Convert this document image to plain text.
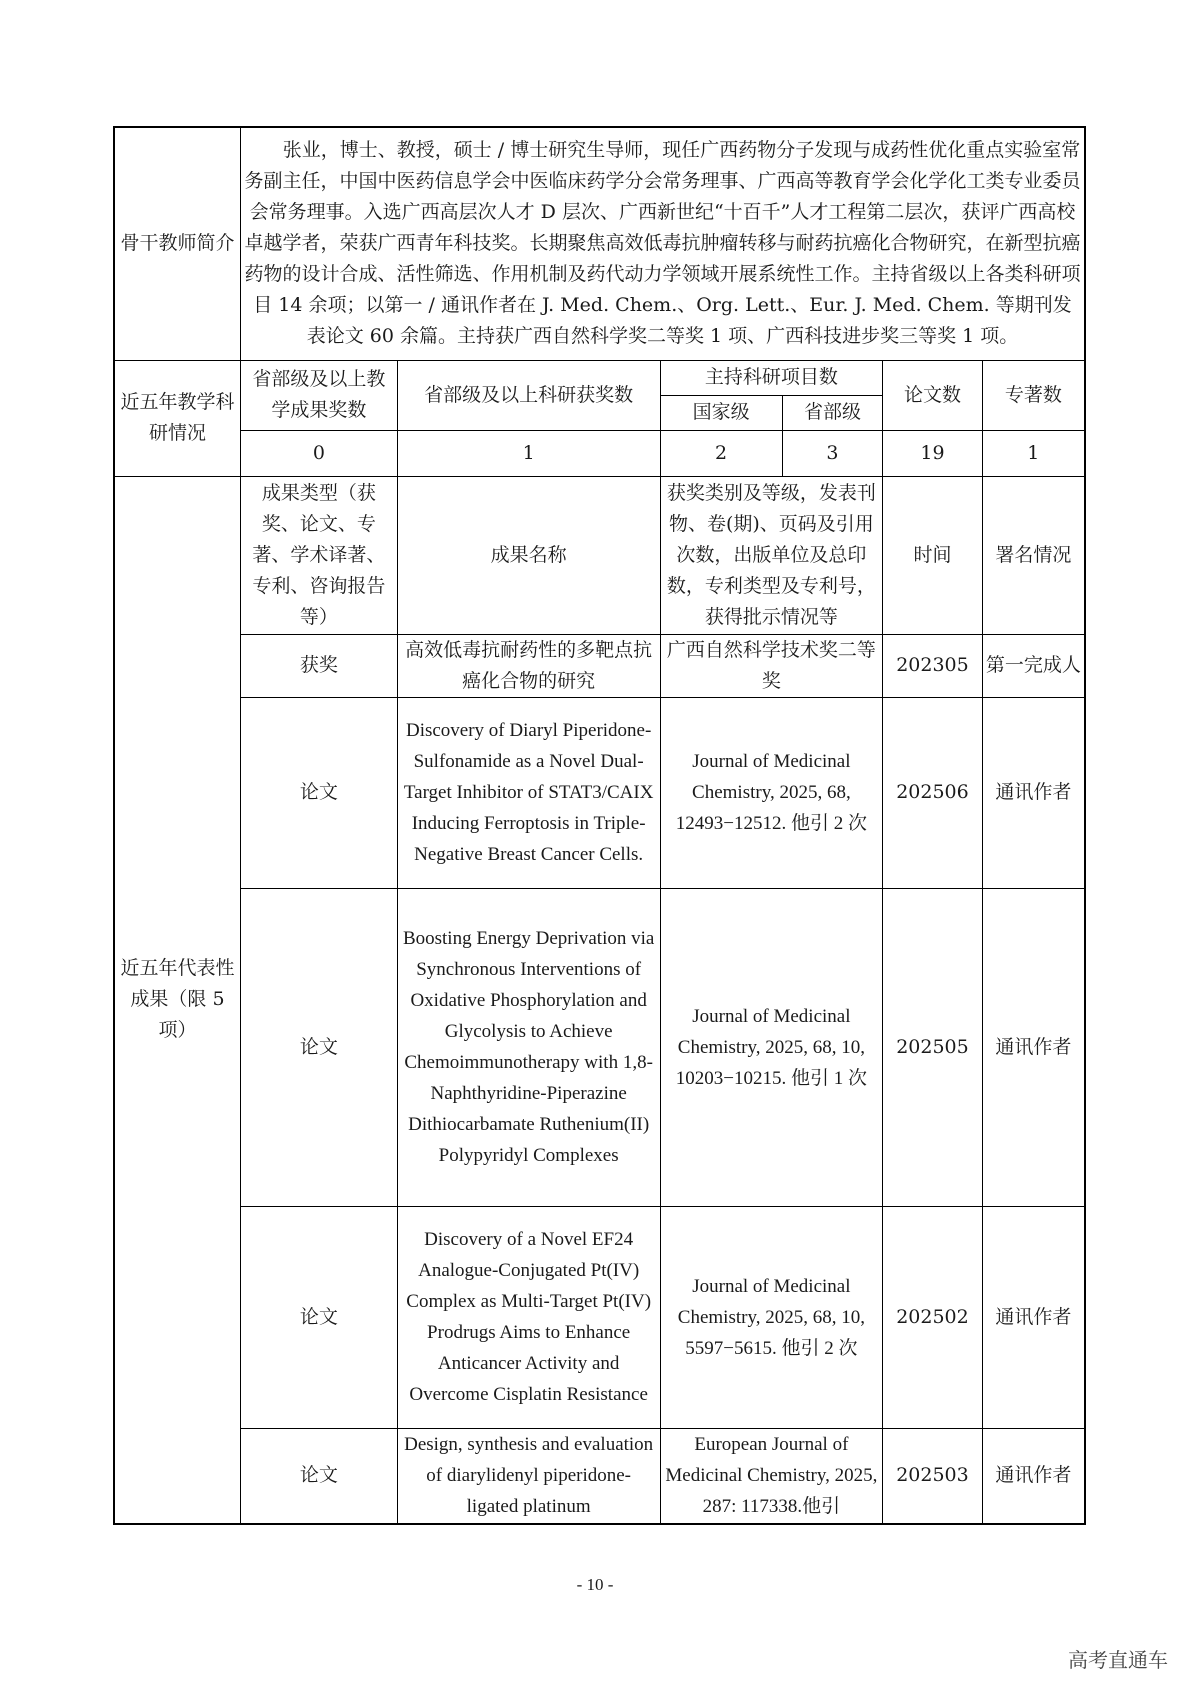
骨干教师简介	张业，博士、教授，硕士 / 博士研究生导师，现任广西药物分子发现与成药性优化重点实验室常务副主任，中国中医药信息学会中医临床药学分会常务理事、广西高等教育学会化学化工类专业委员会常务理事。入选广西高层次人才 D 层次、广西新世纪“十百千”人才工程第二层次，获评广西高校卓越学者，荣获广西青年科技奖。长期聚焦高效低毒抗肿瘤转移与耐药抗癌化合物研究，在新型抗癌药物的设计合成、活性筛选、作用机制及药代动力学领域开展系统性工作。主持省级以上各类科研项目 14 余项；以第一 / 通讯作者在 J. Med. Chem.、Org. Lett.、Eur. J. Med. Chem. 等期刊发表论文 60 余篇。主持获广西自然科学奖二等奖 1 项、广西科技进步奖三等奖 1 项。					
近五年教学科研情况	省部级及以上教学成果奖数	省部级及以上科研获奖数	主持科研项目数		论文数	专著数
			国家级	省部级		
	0	1	2	3	19	1
近五年代表性成果（限 5 项）	成果类型（获奖、论文、专著、学术译著、专利、咨询报告等）	成果名称	获奖类别及等级，发表刊物、卷(期)、页码及引用次数，出版单位及总印数，专利类型及专利号，获得批示情况等		时间	署名情况
	获奖	高效低毒抗耐药性的多靶点抗癌化合物的研究	广西自然科学技术奖二等奖		202305	第一完成人
	论文	Discovery of Diaryl Piperidone-Sulfonamide as a Novel Dual-Target Inhibitor of STAT3/CAIX Inducing Ferroptosis in Triple-Negative Breast Cancer Cells.	Journal of Medicinal Chemistry, 2025, 68, 12493−12512. 他引 2 次		202506	通讯作者
	论文	Boosting Energy Deprivation via Synchronous Interventions of Oxidative Phosphorylation and Glycolysis to Achieve Chemoimmunotherapy with 1,8-Naphthyridine-Piperazine Dithiocarbamate Ruthenium(II) Polypyridyl Complexes	Journal of Medicinal Chemistry, 2025, 68, 10, 10203−10215. 他引 1 次		202505	通讯作者
	论文	Discovery of a Novel EF24 Analogue-Conjugated Pt(IV) Complex as Multi-Target Pt(IV) Prodrugs Aims to Enhance Anticancer Activity and Overcome Cisplatin Resistance	Journal of Medicinal Chemistry, 2025, 68, 10, 5597−5615. 他引 2 次		202502	通讯作者
	论文	Design, synthesis and evaluation of diarylidenyl piperidone-ligated platinum	European Journal of Medicinal Chemistry, 2025, 287: 117338.他引		202503	通讯作者
- 10 -
高考直通车
